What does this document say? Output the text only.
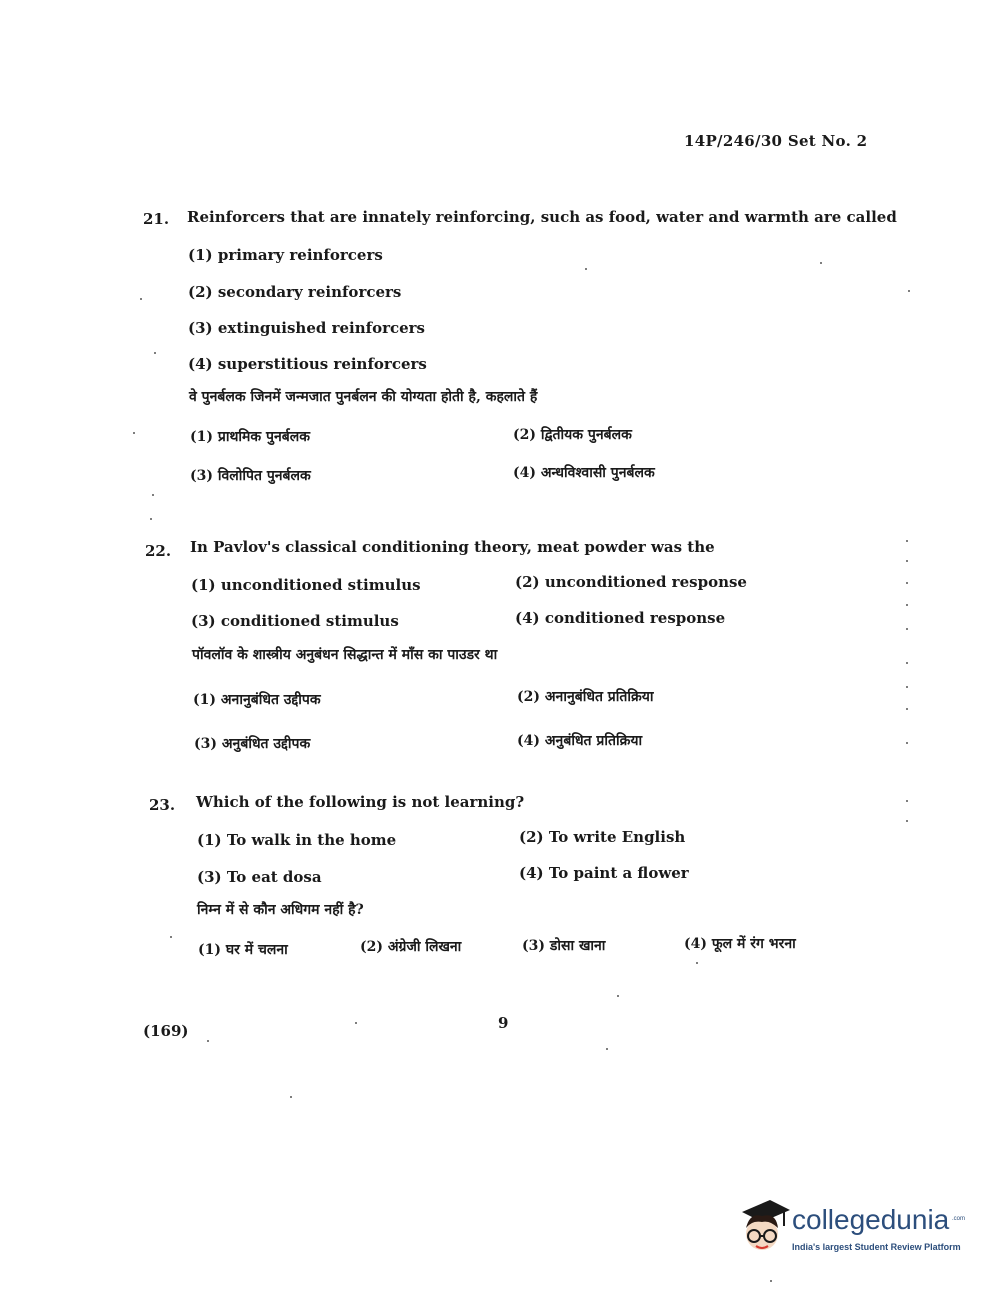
14P/246/30 Set No. 2
21. Reinforcers that are innately reinforcing, such as food, water and warmth are called
(1) primary reinforcers
(2) secondary reinforcers
(3) extinguished reinforcers
(4) superstitious reinforcers
वे पुनर्बलक जिनमें जन्मजात पुनर्बलन की योग्यता होती है, कहलाते हैं
(1) प्राथमिक पुनर्बलक	(2) द्वितीयक पुनर्बलक
(3) विलोपित पुनर्बलक	(4) अन्धविश्वासी पुनर्बलक
22. In Pavlov's classical conditioning theory, meat powder was the
(1) unconditioned stimulus	(2) unconditioned response
(3) conditioned stimulus	(4) conditioned response
पॉवलॉव के शास्त्रीय अनुबंधन सिद्धान्त में माँस का पाउडर था
(1) अनानुबंधित उद्दीपक	(2) अनानुबंधित प्रतिक्रिया
(3) अनुबंधित उद्दीपक	(4) अनुबंधित प्रतिक्रिया
23. Which of the following is not learning?
(1) To walk in the home	(2) To write English
(3) To eat dosa	(4) To paint a flower
निम्न में से कौन अधिगम नहीं है?
(1) घर में चलना	(2) अंग्रेजी लिखना	(3) डोसा खाना	(4) फूल में रंग भरना
(169)	9
collegedunia .com
India's largest Student Review Platform
